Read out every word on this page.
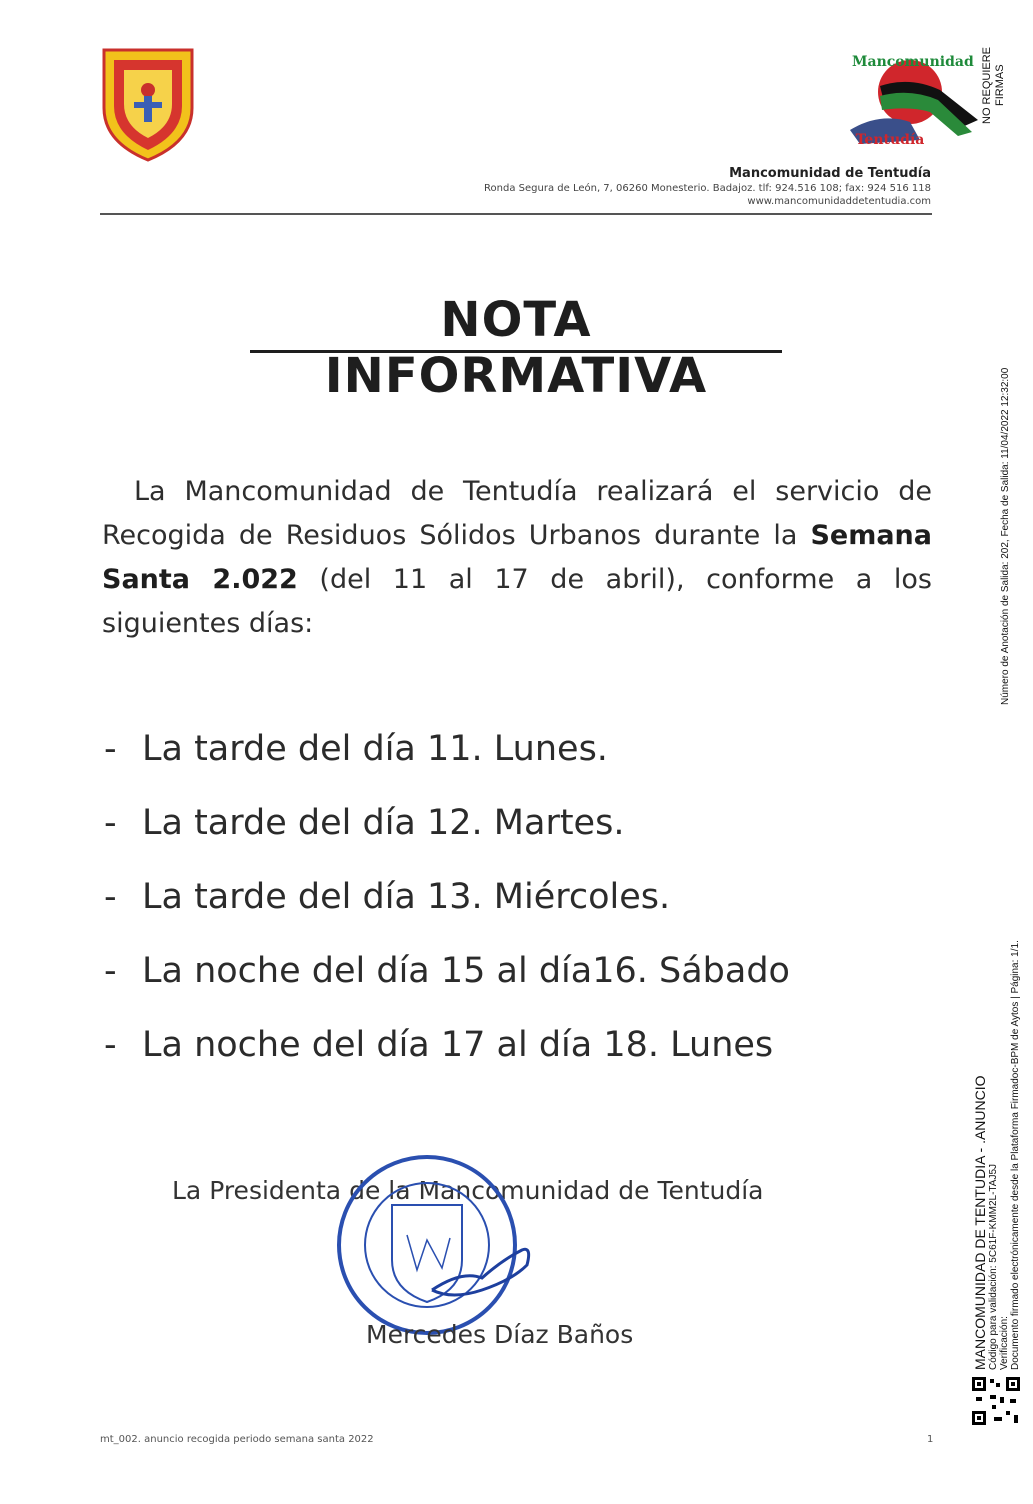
Mancomunidad
Tentudía
NO REQUIERE FIRMAS
Mancomunidad de Tentudía
Ronda Segura de León, 7, 06260 Monesterio. Badajoz. tlf: 924.516 108; fax: 924 516 118
www.mancomunidaddetentudia.com
NOTA INFORMATIVA

La Mancomunidad de Tentudía realizará el servicio de Recogida de Residuos Sólidos Urbanos durante la Semana Santa 2.022 (del 11 al 17 de abril), conforme a los siguientes días:

- La tarde del día 11. Lunes.
- La tarde del día 12. Martes.
- La tarde del día 13. Miércoles.
- La noche del día 15 al día16. Sábado
- La noche del día 17 al día 18. Lunes
La Presidenta de la Mancomunidad de Tentudía
Mercedes Díaz Baños
mt_002. anuncio recogida periodo semana santa 2022	1
Número de Anotación de Salida: 202, Fecha de Salida: 11/04/2022 12:32:00
MANCOMUNIDAD DE TENTUDIA - .ANUNCIO Código para validación: 5C61F-KMM2L-TAJ5J Verificación: Documento firmado electrónicamente desde la Plataforma Firmadoc-BPM de Aytos | Página: 1/1.
